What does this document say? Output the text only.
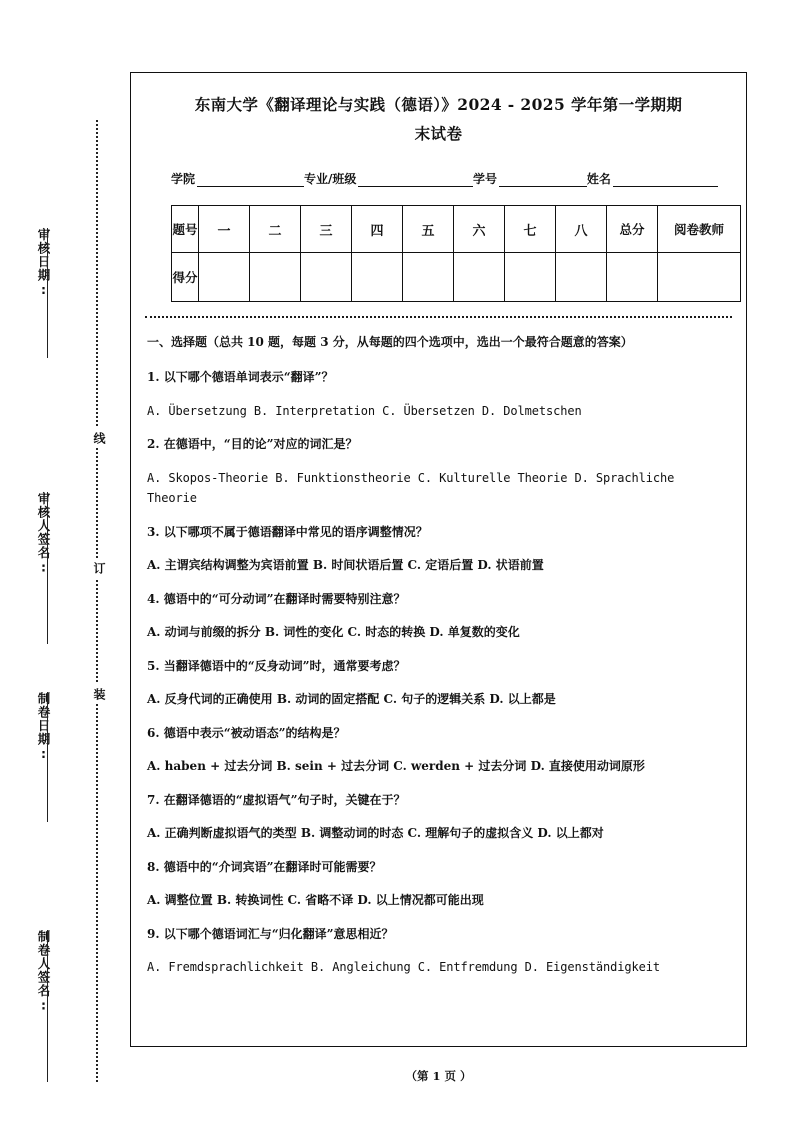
审核日期:
审核人签名:
制卷日期:
制卷人签名:
线
订
装
东南大学《翻译理论与实践（德语）》2024 - 2025 学年第一学期期
末试卷
学院	专业/班级	学号	姓名
题号	一	二	三	四	五	六	七	八	总分	阅卷教师
得分										
一、选择题（总共 10 题，每题 3 分，从每题的四个选项中，选出一个最符合题意的答案）
1. 以下哪个德语单词表示“翻译”？
A. Übersetzung B. Interpretation C. Übersetzen D. Dolmetschen
2. 在德语中，“目的论”对应的词汇是？
A. Skopos-Theorie B. Funktionstheorie C. Kulturelle Theorie D. Sprachliche Theorie
3. 以下哪项不属于德语翻译中常见的语序调整情况？
A. 主谓宾结构调整为宾语前置 B. 时间状语后置 C. 定语后置 D. 状语前置
4. 德语中的“可分动词”在翻译时需要特别注意？
A. 动词与前缀的拆分 B. 词性的变化 C. 时态的转换 D. 单复数的变化
5. 当翻译德语中的“反身动词”时，通常要考虑？
A. 反身代词的正确使用 B. 动词的固定搭配 C. 句子的逻辑关系 D. 以上都是
6. 德语中表示“被动语态”的结构是？
A. haben + 过去分词 B. sein + 过去分词 C. werden + 过去分词 D. 直接使用动词原形
7. 在翻译德语的“虚拟语气”句子时，关键在于？
A. 正确判断虚拟语气的类型 B. 调整动词的时态 C. 理解句子的虚拟含义 D. 以上都对
8. 德语中的“介词宾语”在翻译时可能需要？
A. 调整位置 B. 转换词性 C. 省略不译 D. 以上情况都可能出现
9. 以下哪个德语词汇与“归化翻译”意思相近？
A. Fremdsprachlichkeit B. Angleichung C. Entfremdung D. Eigenständigkeit
（第 1 页 ）
